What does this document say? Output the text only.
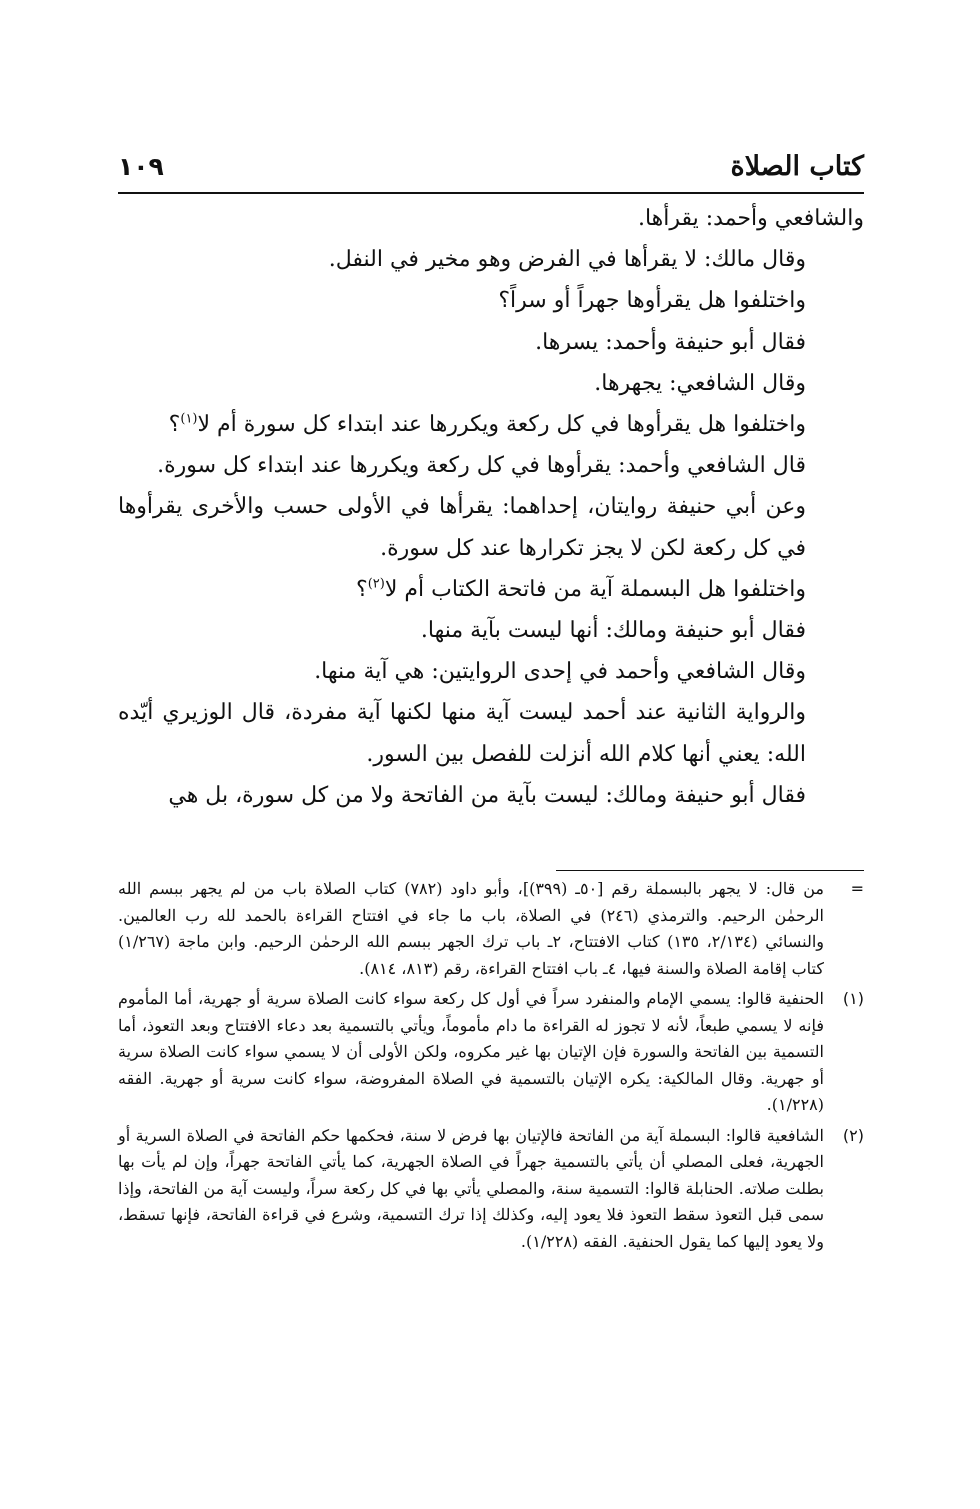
كتاب الصلاة
١٠٩

والشافعي وأحمد: يقرأها.

وقال مالك: لا يقرأها في الفرض وهو مخير في النفل.

واختلفوا هل يقرأوها جهراً أو سراً؟

فقال أبو حنيفة وأحمد: يسرها.

وقال الشافعي: يجهرها.

واختلفوا هل يقرأوها في كل ركعة ويكررها عند ابتداء كل سورة أم لا$^{(١)}$؟

قال الشافعي وأحمد: يقرأوها في كل ركعة ويكررها عند ابتداء كل سورة.

وعن أبي حنيفة روايتان، إحداهما: يقرأها في الأولى حسب والأخرى يقرأوها في كل ركعة لكن لا يجز تكرارها عند كل سورة.

واختلفوا هل البسملة آية من فاتحة الكتاب أم لا$^{(٢)}$؟

فقال أبو حنيفة ومالك: أنها ليست بآية منها.

وقال الشافعي وأحمد في إحدى الروايتين: هي آية منها.

والرواية الثانية عند أحمد ليست آية منها لكنها آية مفردة، قال الوزيري أيّده الله: يعني أنها كلام الله أنزلت للفصل بين السور.

فقال أبو حنيفة ومالك: ليست بآية من الفاتحة ولا من كل سورة، بل هي

=
من قال: لا يجهر بالبسملة رقم [٥٠ـ (٣٩٩)]، وأبو داود (٧٨٢) كتاب الصلاة باب من لم يجهر ببسم الله الرحمٰن الرحيم. والترمذي (٢٤٦) في الصلاة، باب ما جاء في افتتاح القراءة بالحمد لله رب العالمين. والنسائي (٢/١٣٤، ١٣٥) كتاب الافتتاح، ٢ـ باب ترك الجهر ببسم الله الرحمٰن الرحيم. وابن ماجة (١/٢٦٧) كتاب إقامة الصلاة والسنة فيها، ٤ـ باب افتتاح القراءة، رقم (٨١٣، ٨١٤).
(١)
الحنفية قالوا: يسمي الإمام والمنفرد سراً في أول كل ركعة سواء كانت الصلاة سرية أو جهرية، أما المأموم فإنه لا يسمي طبعاً، لأنه لا تجوز له القراءة ما دام مأموماً، ويأتي بالتسمية بعد دعاء الافتتاح وبعد التعوذ، أما التسمية بين الفاتحة والسورة فإن الإتيان بها غير مكروه، ولكن الأولى أن لا يسمي سواء كانت الصلاة سرية أو جهرية. وقال المالكية: يكره الإتيان بالتسمية في الصلاة المفروضة، سواء كانت سرية أو جهرية. الفقه (١/٢٢٨).
(٢)
الشافعية قالوا: البسملة آية من الفاتحة فالإتيان بها فرض لا سنة، فحكمها حكم الفاتحة في الصلاة السرية أو الجهرية، فعلى المصلي أن يأتي بالتسمية جهراً في الصلاة الجهرية، كما يأتي الفاتحة جهراً، وإن لم يأت بها بطلت صلاته. الحنابلة قالوا: التسمية سنة، والمصلي يأتي بها في كل ركعة سراً، وليست آية من الفاتحة، وإذا سمى قبل التعوذ سقط التعوذ فلا يعود إليه، وكذلك إذا ترك التسمية، وشرع في قراءة الفاتحة، فإنها تسقط، ولا يعود إليها كما يقول الحنفية. الفقه (١/٢٢٨).
